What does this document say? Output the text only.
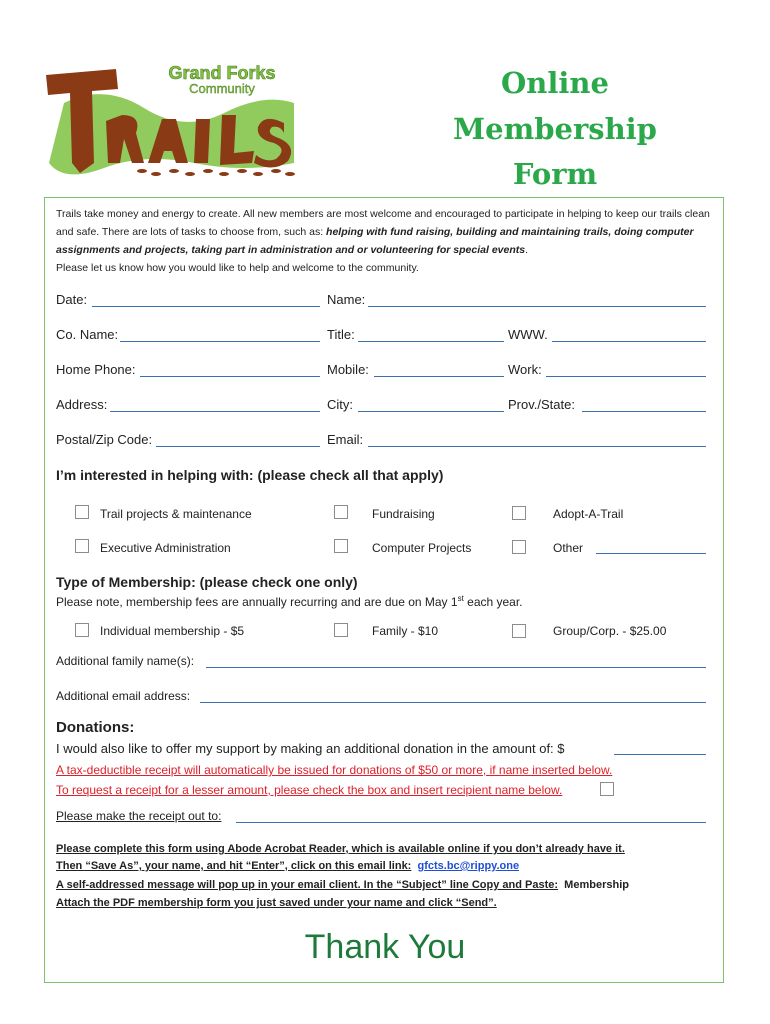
Grand Forks
Community	Online
Membership
Form
Trails take money and energy to create. All new members are most welcome and encouraged to participate in helping to keep our trails clean and safe. There are lots of tasks to choose from, such as: helping with fund raising, building and maintaining trails, doing computer assignments and projects, taking part in administration and or volunteering for special events.
Please let us know how you would like to help and welcome to the community.
Date:	Name:
Co. Name:	Title:	WWW.
Home Phone:	Mobile:	Work:
Address:	City:	Prov./State:
Postal/Zip Code:	Email:
I’m interested in helping with: (please check all that apply)
Trail projects & maintenance	Fundraising	Adopt-A-Trail
Executive Administration	Computer Projects	Other
Type of Membership: (please check one only)
Please note, membership fees are annually recurring and are due on May 1st each year.
Individual membership - $5	Family - $10	Group/Corp. - $25.00
Additional family name(s):
Additional email address:
Donations:
I would also like to offer my support by making an additional donation in the amount of: $
A tax-deductible receipt will automatically be issued for donations of $50 or more, if name inserted below.
To request a receipt for a lesser amount, please check the box and insert recipient name below.
Please make the receipt out to:
Please complete this form using Abode Acrobat Reader, which is available online if you don’t already have it.
Then “Save As”, your name, and hit “Enter”, click on this email link: gfcts.bc@rippy.one
A self-addressed message will pop up in your email client. In the “Subject” line Copy and Paste: Membership
Attach the PDF membership form you just saved under your name and click “Send”.
Thank You
